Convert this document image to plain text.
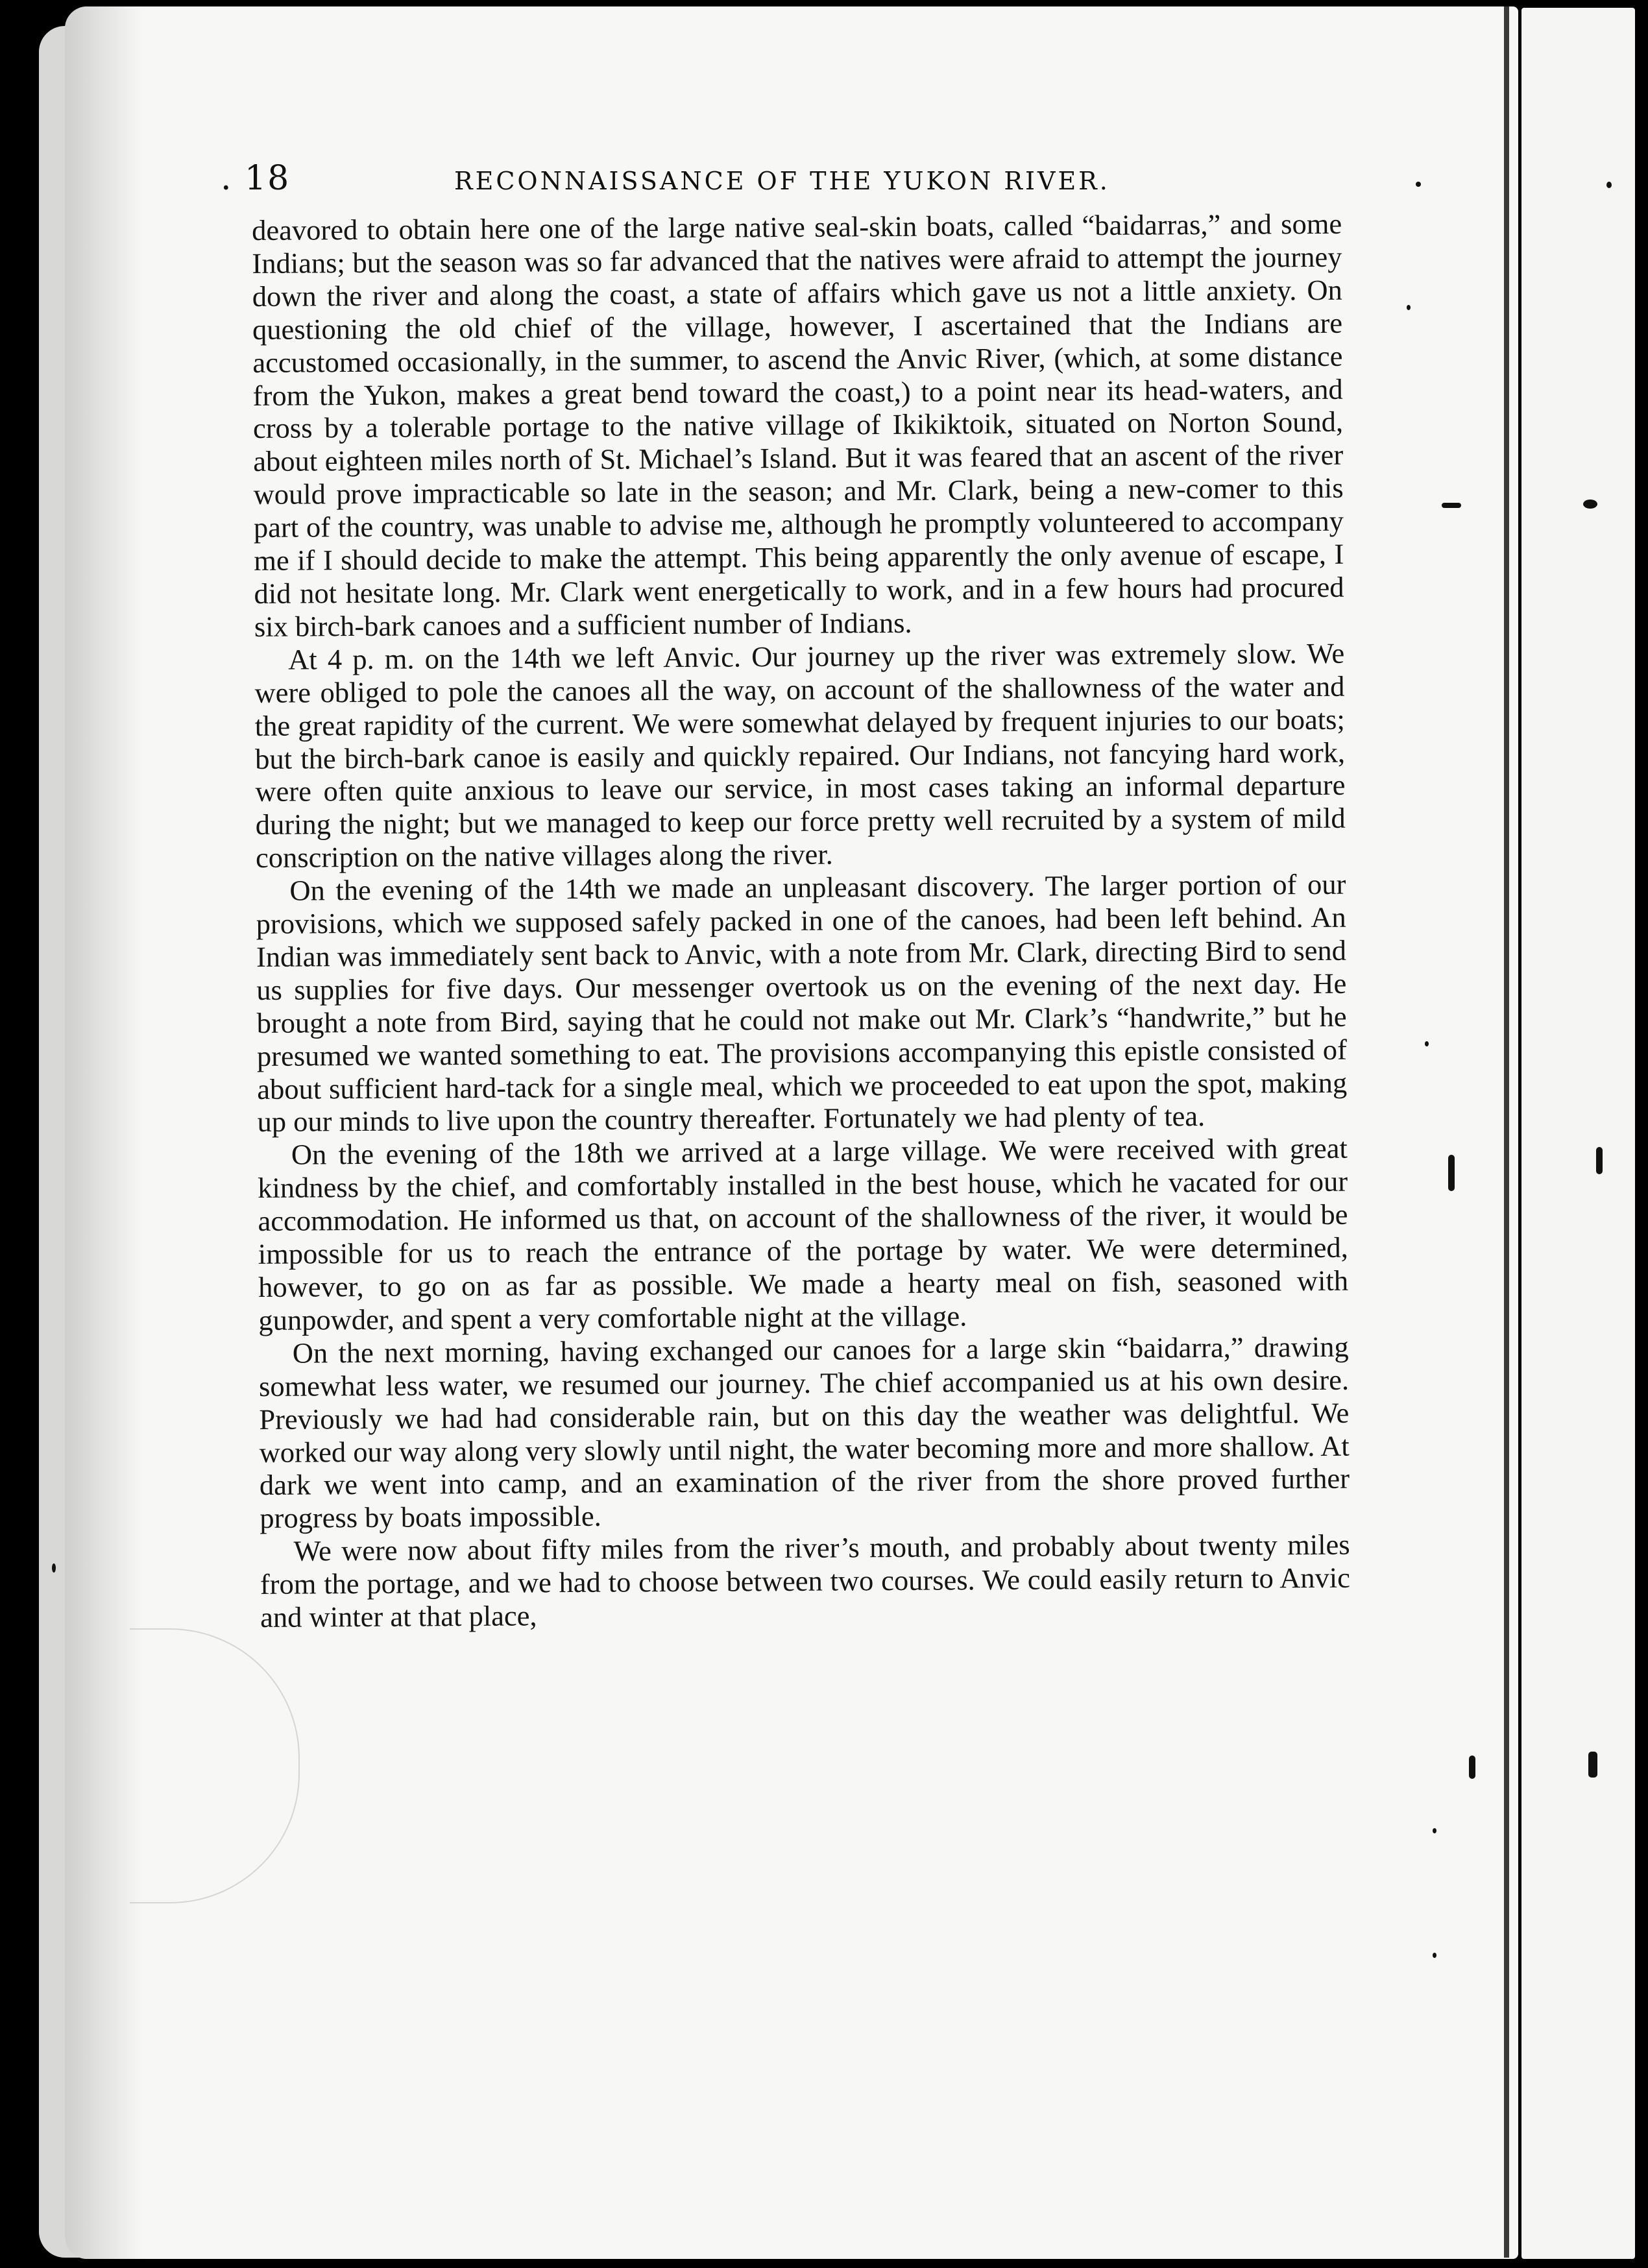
. 18	RECONNAISSANCE OF THE YUKON RIVER.

deavored to obtain here one of the large native seal-skin boats, called “baidarras,” and some Indians; but the season was so far advanced that the natives were afraid to attempt the journey down the river and along the coast, a state of affairs which gave us not a little anxiety. On questioning the old chief of the village, however, I ascertained that the Indians are accustomed occasionally, in the summer, to ascend the Anvic River, (which, at some distance from the Yukon, makes a great bend toward the coast,) to a point near its head-waters, and cross by a tolerable portage to the native village of Ikikiktoik, situated on Norton Sound, about eighteen miles north of St. Michael’s Island. But it was feared that an ascent of the river would prove impracticable so late in the season; and Mr. Clark, being a new-comer to this part of the country, was unable to advise me, although he promptly volunteered to accompany me if I should decide to make the attempt. This being apparently the only avenue of escape, I did not hesitate long. Mr. Clark went energetically to work, and in a few hours had procured six birch-bark canoes and a sufficient number of Indians.

At 4 p. m. on the 14th we left Anvic. Our journey up the river was extremely slow. We were obliged to pole the canoes all the way, on account of the shallowness of the water and the great rapidity of the current. We were somewhat delayed by frequent injuries to our boats; but the birch-bark canoe is easily and quickly repaired. Our Indians, not fancying hard work, were often quite anxious to leave our service, in most cases taking an informal departure during the night; but we managed to keep our force pretty well recruited by a system of mild conscription on the native villages along the river.

On the evening of the 14th we made an unpleasant discovery. The larger portion of our provisions, which we supposed safely packed in one of the canoes, had been left behind. An Indian was immediately sent back to Anvic, with a note from Mr. Clark, directing Bird to send us supplies for five days. Our messenger overtook us on the evening of the next day. He brought a note from Bird, saying that he could not make out Mr. Clark’s “handwrite,” but he presumed we wanted something to eat. The provisions accompanying this epistle consisted of about sufficient hard-tack for a single meal, which we proceeded to eat upon the spot, making up our minds to live upon the country thereafter. Fortunately we had plenty of tea.

On the evening of the 18th we arrived at a large village. We were received with great kindness by the chief, and comfortably installed in the best house, which he vacated for our accommodation. He informed us that, on account of the shallowness of the river, it would be impossible for us to reach the entrance of the portage by water. We were determined, however, to go on as far as possible. We made a hearty meal on fish, seasoned with gunpowder, and spent a very comfortable night at the village.

On the next morning, having exchanged our canoes for a large skin “baidarra,” drawing somewhat less water, we resumed our journey. The chief accompanied us at his own desire. Previously we had had considerable rain, but on this day the weather was delightful. We worked our way along very slowly until night, the water becoming more and more shallow. At dark we went into camp, and an examination of the river from the shore proved further progress by boats impossible.

We were now about fifty miles from the river’s mouth, and probably about twenty miles from the portage, and we had to choose between two courses. We could easily return to Anvic and winter at that place,
